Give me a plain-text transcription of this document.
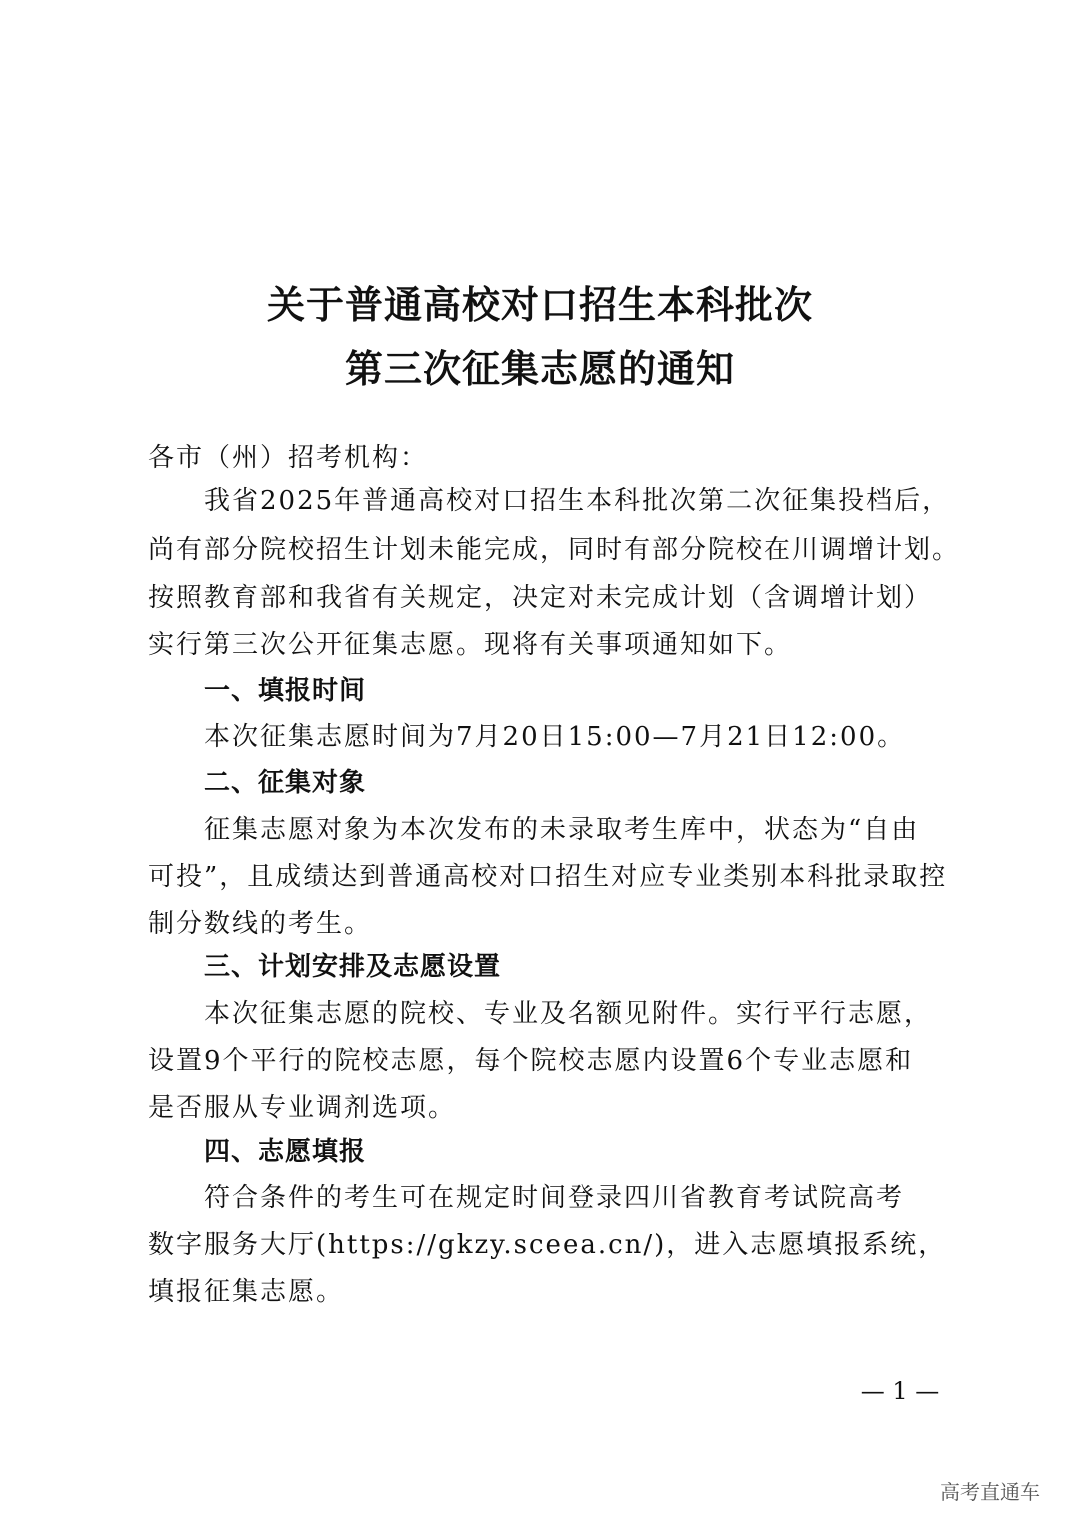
关于普通高校对口招生本科批次
第三次征集志愿的通知
各市（州）招考机构：
我省2025年普通高校对口招生本科批次第二次征集投档后，
尚有部分院校招生计划未能完成，同时有部分院校在川调增计划。
按照教育部和我省有关规定，决定对未完成计划（含调增计划）
实行第三次公开征集志愿。现将有关事项通知如下。
一、填报时间
本次征集志愿时间为7月20日15:00—7月21日12:00。
二、征集对象
征集志愿对象为本次发布的未录取考生库中，状态为“自由
可投”，且成绩达到普通高校对口招生对应专业类别本科批录取控
制分数线的考生。
三、计划安排及志愿设置
本次征集志愿的院校、专业及名额见附件。实行平行志愿，
设置9个平行的院校志愿，每个院校志愿内设置6个专业志愿和
是否服从专业调剂选项。
四、志愿填报
符合条件的考生可在规定时间登录四川省教育考试院高考
数字服务大厅(https://gkzy.sceea.cn/)，进入志愿填报系统，
填报征集志愿。
— 1 —
高考直通车
